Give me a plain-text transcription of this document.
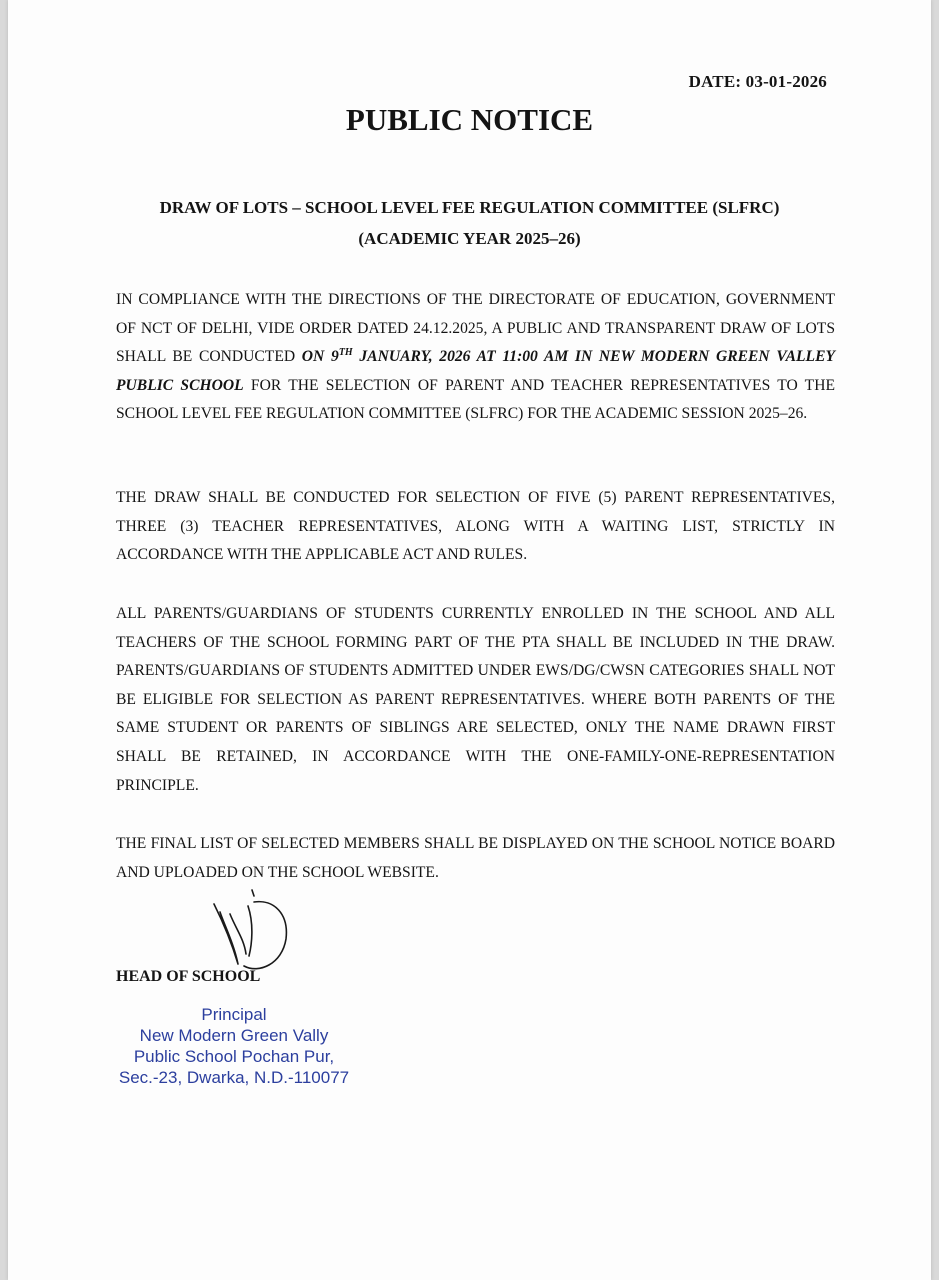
DATE: 03-01-2026
PUBLIC NOTICE
DRAW OF LOTS – SCHOOL LEVEL FEE REGULATION COMMITTEE (SLFRC)
(ACADEMIC YEAR 2025–26)
IN COMPLIANCE WITH THE DIRECTIONS OF THE DIRECTORATE OF EDUCATION, GOVERNMENT OF NCT OF DELHI, VIDE ORDER DATED 24.12.2025, A PUBLIC AND TRANSPARENT DRAW OF LOTS SHALL BE CONDUCTED ON 9TH JANUARY, 2026 AT 11:00 AM IN NEW MODERN GREEN VALLEY PUBLIC SCHOOL FOR THE SELECTION OF PARENT AND TEACHER REPRESENTATIVES TO THE SCHOOL LEVEL FEE REGULATION COMMITTEE (SLFRC) FOR THE ACADEMIC SESSION 2025–26.
THE DRAW SHALL BE CONDUCTED FOR SELECTION OF FIVE (5) PARENT REPRESENTATIVES, THREE (3) TEACHER REPRESENTATIVES, ALONG WITH A WAITING LIST, STRICTLY IN ACCORDANCE WITH THE APPLICABLE ACT AND RULES.
ALL PARENTS/GUARDIANS OF STUDENTS CURRENTLY ENROLLED IN THE SCHOOL AND ALL TEACHERS OF THE SCHOOL FORMING PART OF THE PTA SHALL BE INCLUDED IN THE DRAW. PARENTS/GUARDIANS OF STUDENTS ADMITTED UNDER EWS/DG/CWSN CATEGORIES SHALL NOT BE ELIGIBLE FOR SELECTION AS PARENT REPRESENTATIVES. WHERE BOTH PARENTS OF THE SAME STUDENT OR PARENTS OF SIBLINGS ARE SELECTED, ONLY THE NAME DRAWN FIRST SHALL BE RETAINED, IN ACCORDANCE WITH THE ONE-FAMILY-ONE-REPRESENTATION PRINCIPLE.
THE FINAL LIST OF SELECTED MEMBERS SHALL BE DISPLAYED ON THE SCHOOL NOTICE BOARD AND UPLOADED ON THE SCHOOL WEBSITE.
HEAD OF SCHOOL
Principal
New Modern Green Vally
Public School Pochan Pur,
Sec.-23, Dwarka, N.D.-110077
